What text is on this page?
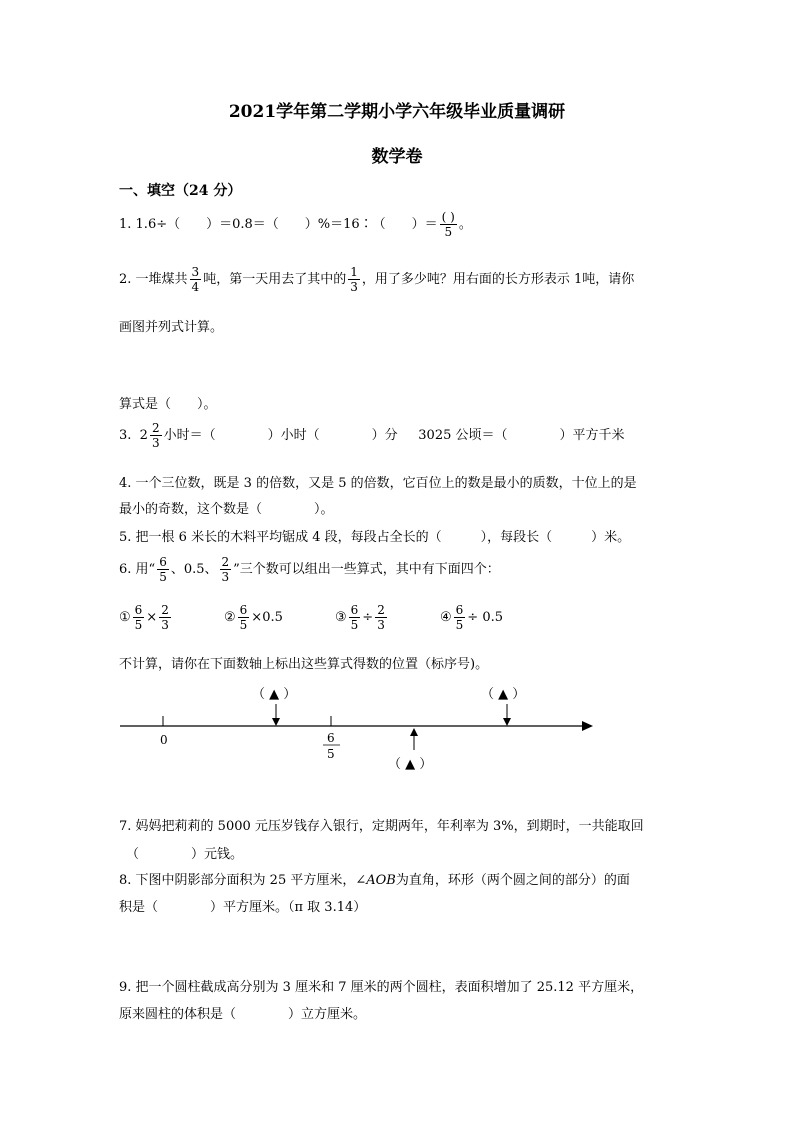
2021学年第二学期小学六年级毕业质量调研
数学卷
一、填空（24 分）
1. 1.6÷（　　）＝0.8＝（　　）%＝16∶（　　）＝ $\frac{( )}{5}$ 。
2. 一堆煤共 $\frac{3}{4}$ 吨，第一天用去了其中的 $\frac{1}{3}$ ，用了多少吨？用右面的长方形表示 1吨，请你
画图并列式计算。
算式是（　　）。
3. $2 \frac{2}{3}$ 小时＝（　　　　）小时（　　　　）分 3025 公顷＝（　　　　）平方千米
4. 一个三位数，既是 3 的倍数，又是 5 的倍数，它百位上的数是最小的质数，十位上的是
最小的奇数，这个数是（　　　　）。
5. 把一根 6 米长的木料平均锯成 4 段，每段占全长的（　　　），每段长（　　　）米。
6. 用“ $\frac{6}{5}$ 、0.5、 $\frac{2}{3}$ ”三个数可以组出一些算式，其中有下面四个：
① $\frac{6}{5} \times \frac{2}{3}$	② $\frac{6}{5} \times 0.5$	③ $\frac{6}{5} \div \frac{2}{3}$	④ $\frac{6}{5} \div 0.5$
不计算，请你在下面数轴上标出这些算式得数的位置（标序号)。
0	6
5
（ ▲ ）	（ ▲ ）
（ ▲ ）
7. 妈妈把莉莉的 5000 元压岁钱存入银行，定期两年，年利率为 3%，到期时，一共能取回
（　　　　）元钱。
8. 下图中阴影部分面积为 25 平方厘米，∠AOB为直角，环形（两个圆之间的部分）的面
积是（　　　　）平方厘米。（π 取 3.14）
9. 把一个圆柱截成高分别为 3 厘米和 7 厘米的两个圆柱，表面积增加了 25.12 平方厘米，
原来圆柱的体积是（　　　　）立方厘米。
